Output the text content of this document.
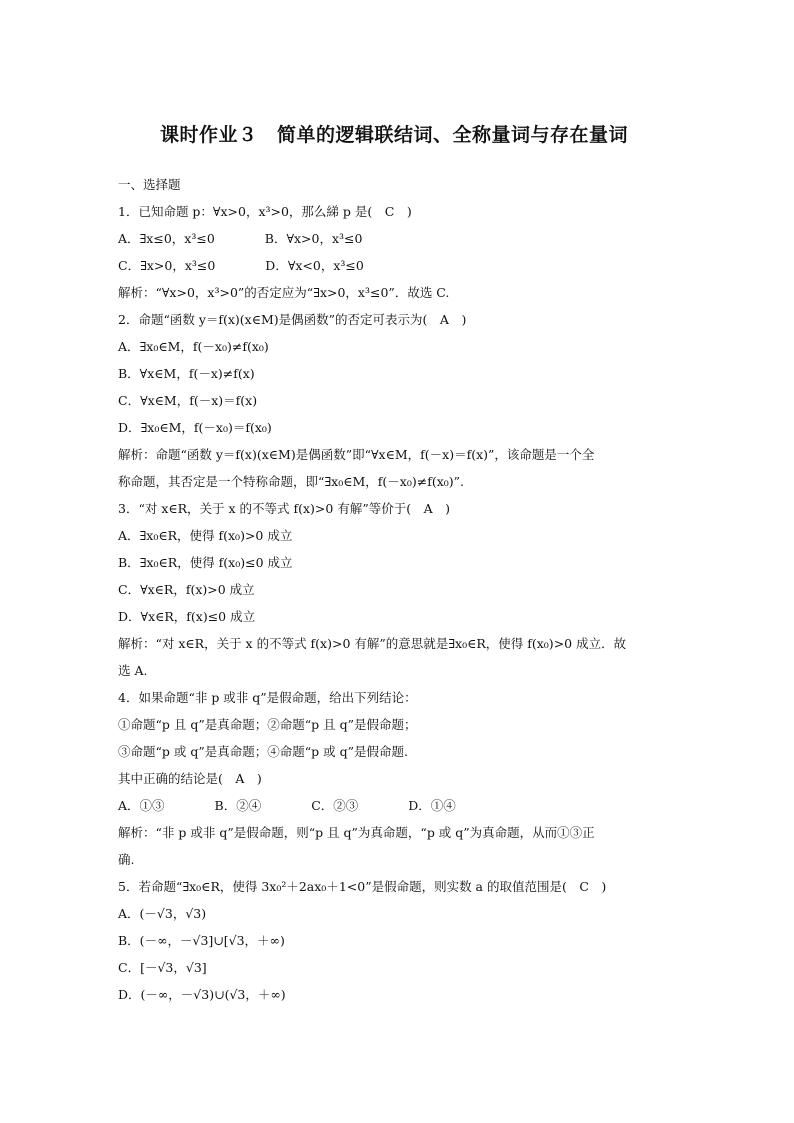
课时作业３　简单的逻辑联结词、全称量词与存在量词
一、选择题
1．已知命题 p：∀x>0，x³>0，那么綈 p 是(　C　)
A．∃x≤0，x³≤0　　　　B．∀x>0，x³≤0
C．∃x>0，x³≤0　　　　D．∀x<0，x³≤0
解析：“∀x>0，x³>0”的否定应为“∃x>0，x³≤0”．故选 C.
2．命题“函数 y＝f(x)(x∈M)是偶函数”的否定可表示为(　A　)
A．∃x₀∈M，f(－x₀)≠f(x₀)
B．∀x∈M，f(－x)≠f(x)
C．∀x∈M，f(－x)＝f(x)
D．∃x₀∈M，f(－x₀)＝f(x₀)
解析：命题“函数 y＝f(x)(x∈M)是偶函数”即“∀x∈M，f(－x)＝f(x)”，该命题是一个全
称命题，其否定是一个特称命题，即“∃x₀∈M，f(－x₀)≠f(x₀)”.
3．“对 x∈R，关于 x 的不等式 f(x)>0 有解”等价于(　A　)
A．∃x₀∈R，使得 f(x₀)>0 成立
B．∃x₀∈R，使得 f(x₀)≤0 成立
C．∀x∈R，f(x)>0 成立
D．∀x∈R，f(x)≤0 成立
解析：“对 x∈R，关于 x 的不等式 f(x)>0 有解”的意思就是∃x₀∈R，使得 f(x₀)>0 成立．故
选 A.
4．如果命题“非 p 或非 q”是假命题，给出下列结论：
①命题“p 且 q”是真命题；②命题“p 且 q”是假命题；
③命题“p 或 q”是真命题；④命题“p 或 q”是假命题.
其中正确的结论是(　A　)
A．①③　　　　B．②④　　　　C．②③　　　　D．①④
解析：“非 p 或非 q”是假命题，则“p 且 q”为真命题，“p 或 q”为真命题，从而①③正
确.
5．若命题“∃x₀∈R，使得 3x₀²＋2ax₀＋1<0”是假命题，则实数 a 的取值范围是(　C　)
A．(－√3，√3)
B．(－∞，－√3]∪[√3，＋∞)
C．[－√3，√3]
D．(－∞，－√3)∪(√3，＋∞)
